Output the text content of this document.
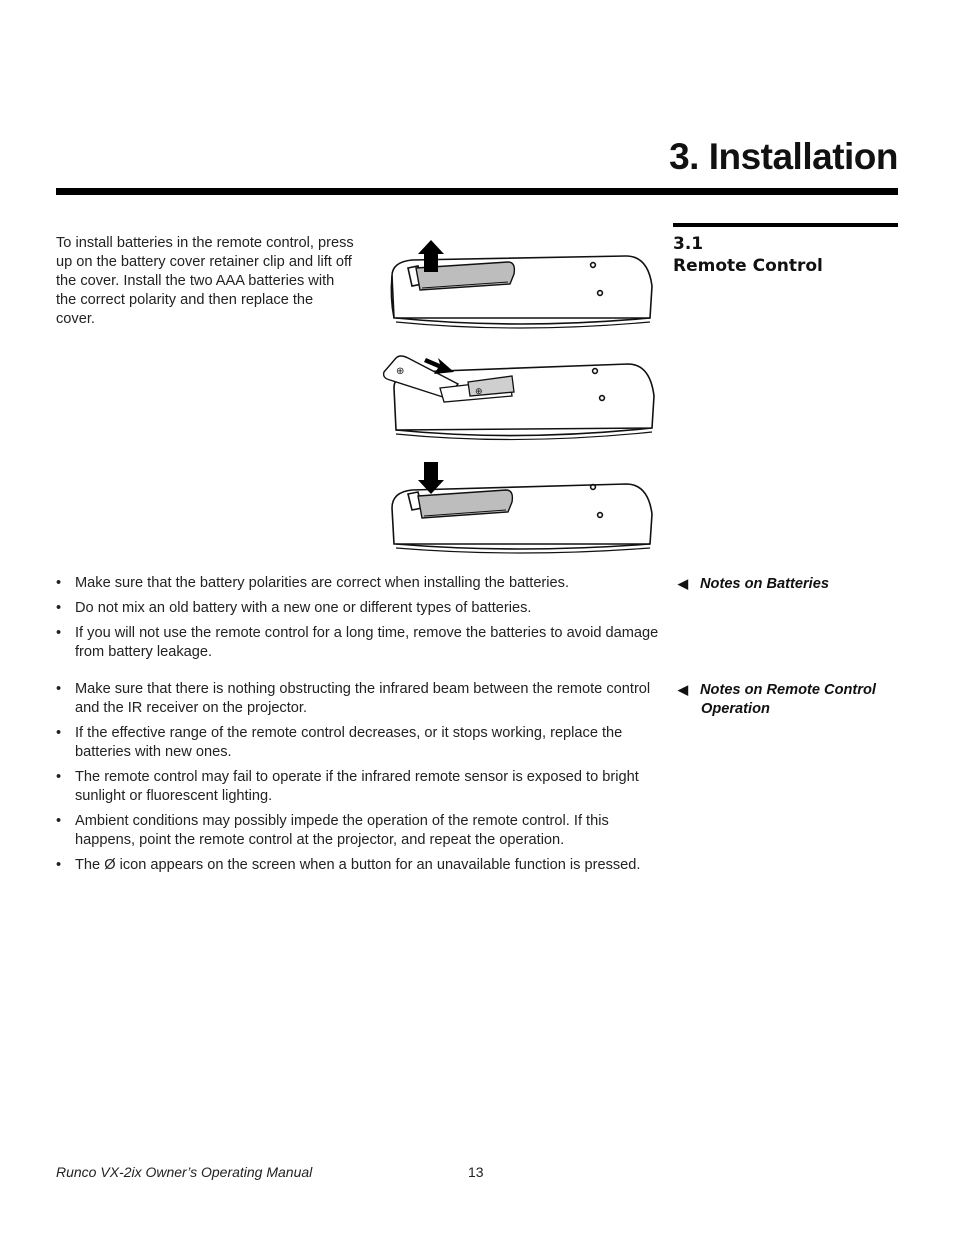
3. Installation
3.1
Remote Control

To install batteries in the remote control, press up on the battery cover retainer clip and lift off the cover. Install the two AAA batteries with the correct polarity and then replace the cover.

⊕
⊕
◀ Notes on Batteries
• Make sure that the battery polarities are correct when installing the batteries.
• Do not mix an old battery with a new one or different types of batteries.
• If you will not use the remote control for a long time, remove the batteries to avoid damage from battery leakage.
◀ Notes on Remote Control
Operation
• Make sure that there is nothing obstructing the infrared beam between the remote control and the IR receiver on the projector.
• If the effective range of the remote control decreases, or it stops working, replace the batteries with new ones.
• The remote control may fail to operate if the infrared remote sensor is exposed to bright sunlight or fluorescent lighting.
• Ambient conditions may possibly impede the operation of the remote control. If this happens, point the remote control at the projector, and repeat the operation.
• The Ø icon appears on the screen when a button for an unavailable function is pressed.
Runco VX-2ix Owner’s Operating Manual	13
